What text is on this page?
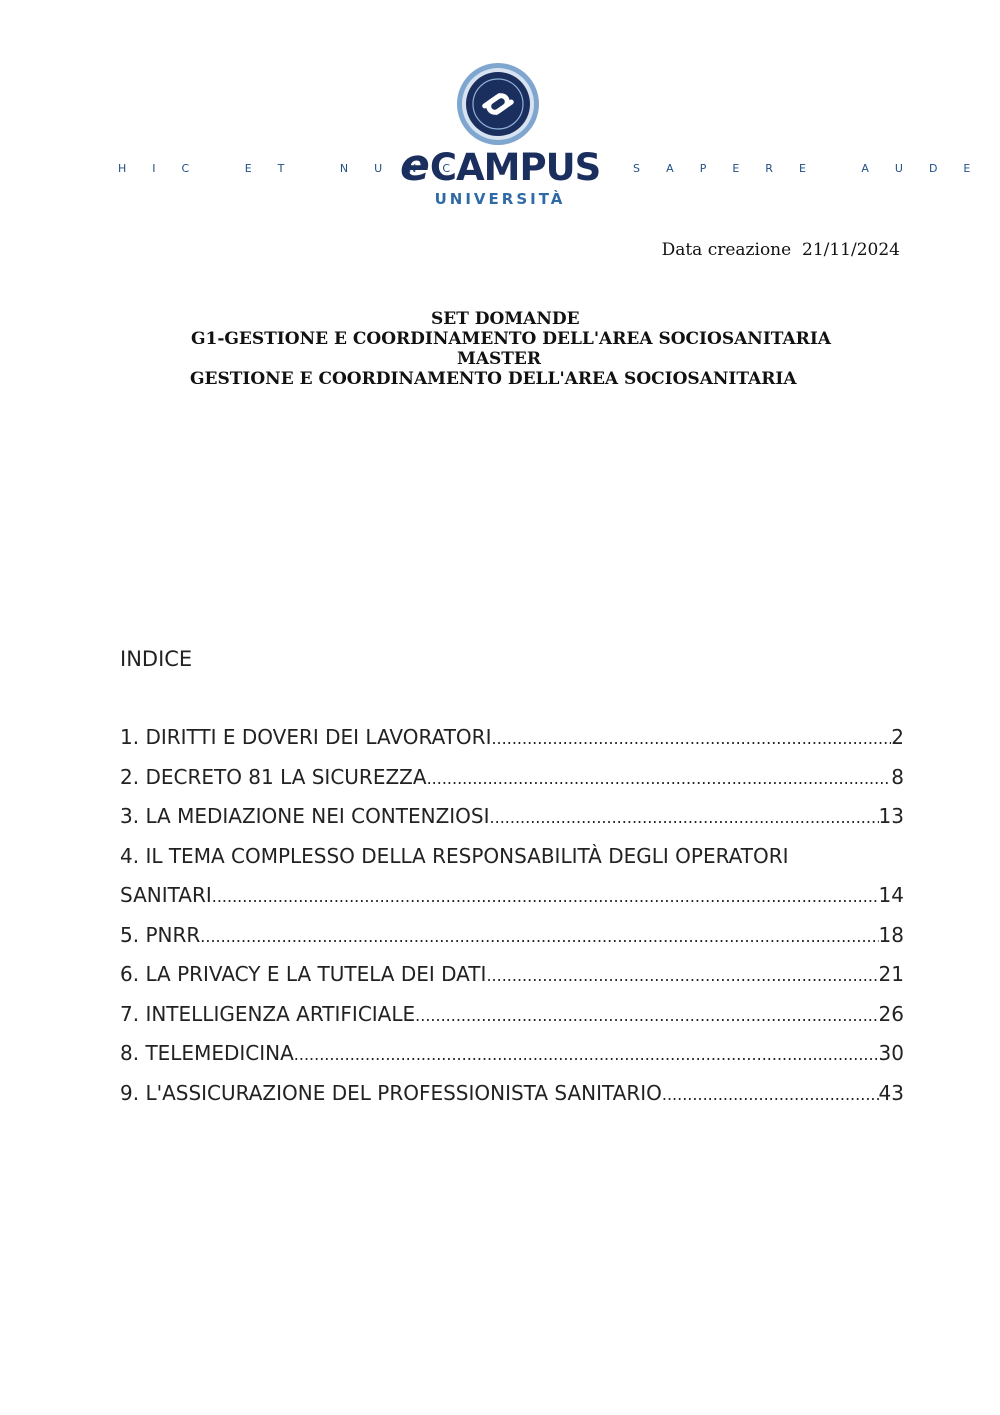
HIC ET NUNC	SAPERE AUDE
eCAMPUS
UNIVERSITÀ
Data creazione  21/11/2024
SET DOMANDE
G1-GESTIONE E COORDINAMENTO DELL'AREA SOCIOSANITARIA
MASTER
GESTIONE E COORDINAMENTO DELL'AREA SOCIOSANITARIA
INDICE
1. DIRITTI E DOVERI DEI LAVORATORI .....	2
2. DECRETO 81 LA SICUREZZA .....	8
3. LA MEDIAZIONE NEI CONTENZIOSI .....	13
4. IL TEMA COMPLESSO DELLA RESPONSABILITÀ DEGLI OPERATORI
SANITARI .....	14
5. PNRR .....	18
6. LA PRIVACY E LA TUTELA DEI DATI .....	21
7. INTELLIGENZA ARTIFICIALE .....	26
8. TELEMEDICINA .....	30
9. L'ASSICURAZIONE DEL PROFESSIONISTA SANITARIO .....	43
